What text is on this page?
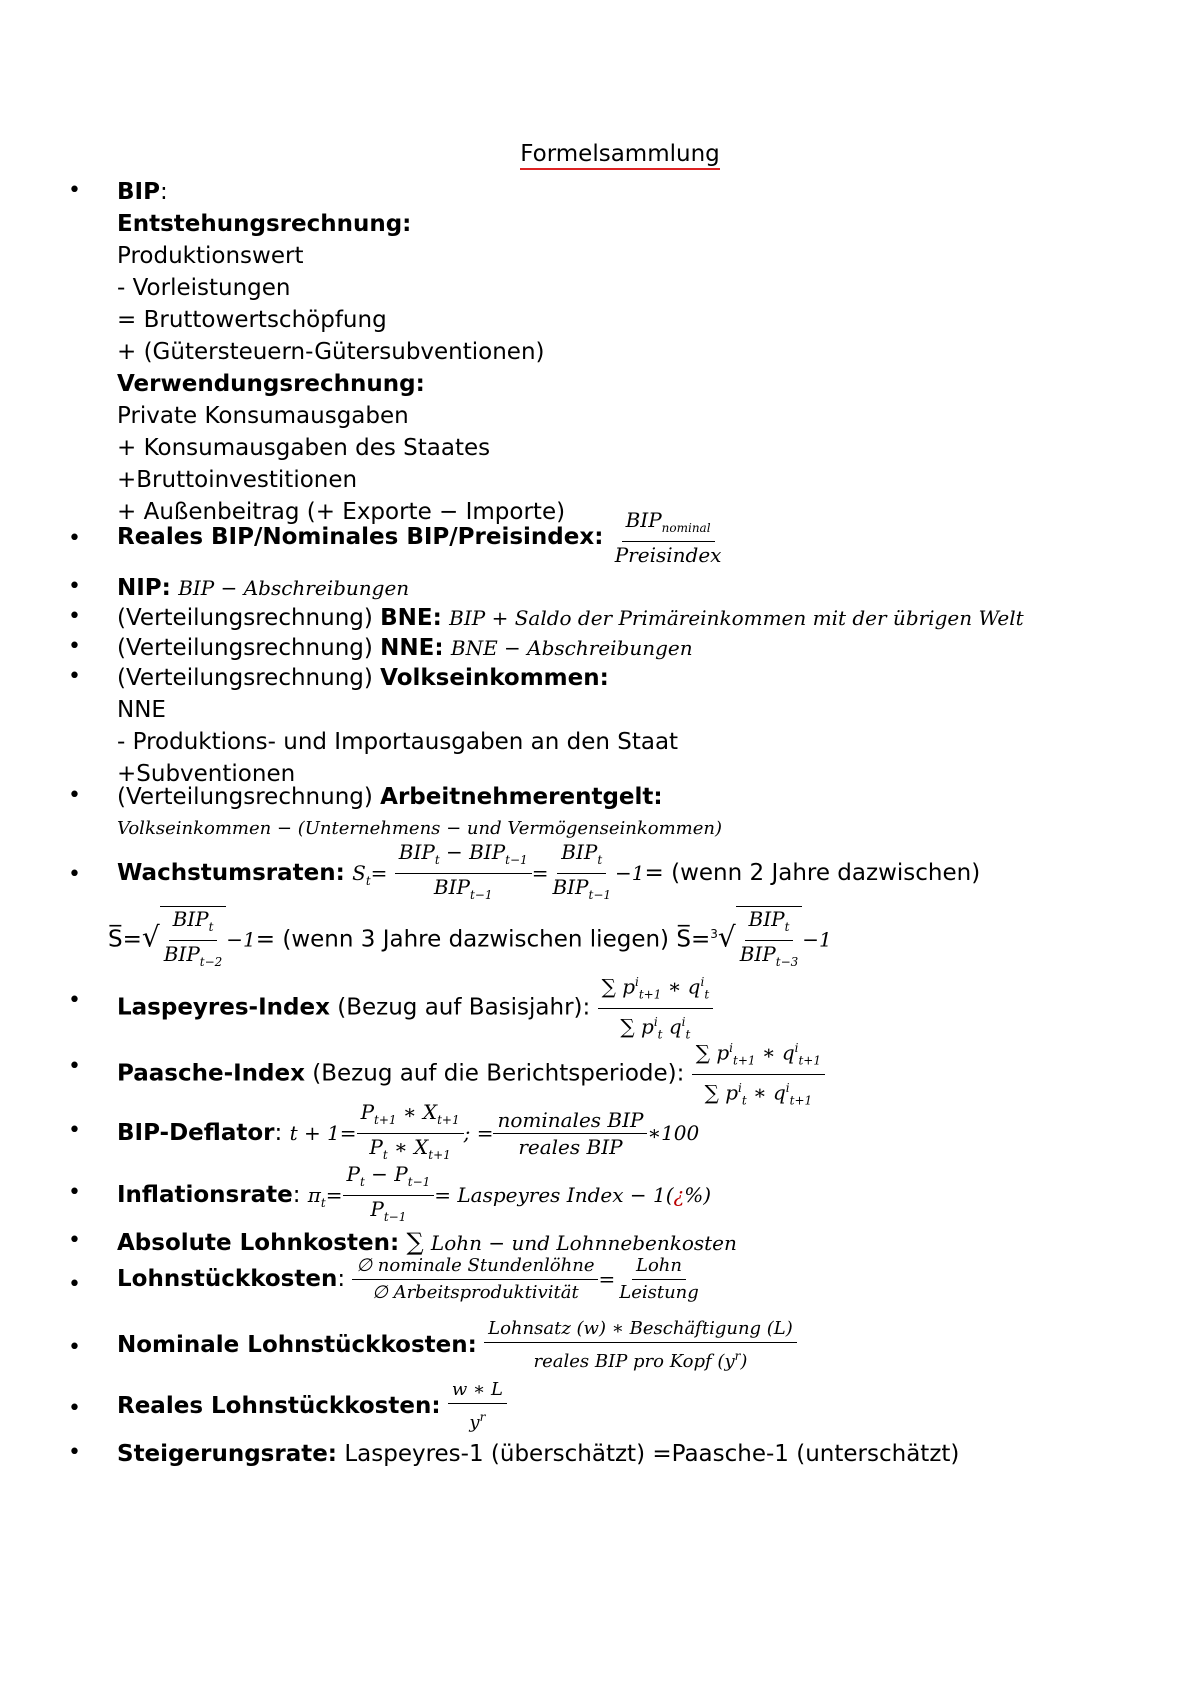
Formelsammlung
• BIP:
Entstehungsrechnung:
Produktionswert
- Vorleistungen
= Bruttowertschöpfung
+ (Gütersteuern-Gütersubventionen)
Verwendungsrechnung:
Private Konsumausgaben
+ Konsumausgaben des Staates
+Bruttoinvestitionen
+ Außenbeitrag (+ Exporte − Importe)
• Reales BIP/Nominales BIP/Preisindex: $\frac{BIP_{nominal}}{\text{Preisindex}}$
• NIP: BIP − Abschreibungen
• (Verteilungsrechnung) BNE: BIP + Saldo der Primäreinkommen mit der übrigen Welt
• (Verteilungsrechnung) NNE: BNE − Abschreibungen
• (Verteilungsrechnung) Volkseinkommen:
NNE
- Produktions- und Importausgaben an den Staat
+Subventionen
• (Verteilungsrechnung) Arbeitnehmerentgelt:
Volkseinkommen − (Unternehmens − und Vermögenseinkommen)
• Wachstumsraten: $S_t= \frac{BIP_t - BIP_{t-1}}{BIP_{t-1}} = \frac{BIP_t}{BIP_{t-1}} -1=$ (wenn 2 Jahre dazwischen)
S̅=√ $\frac{BIP_t}{BIP_{t-2}} -1=$ (wenn 3 Jahre dazwischen liegen) S̅=$^3$√ $\frac{BIP_t}{BIP_{t-3}} -1$
• Laspeyres-Index (Bezug auf Basisjahr): $\frac{\sum p^i_{t+1} ∗ q^i_t}{\sum p^i_t q^i_t}$
• Paasche-Index (Bezug auf die Berichtsperiode): $\frac{\sum p^i_{t+1} ∗ q^i_{t+1}}{\sum p^i_t ∗ q^i_{t+1}}$
• BIP-Deflator: $t + 1= \frac{P_{t+1} ∗ X_{t+1}}{P_t ∗ X_{t+1}}$ ; = $\frac{\text{nominales BIP}}{\text{reales BIP}}$ ∗100
• Inflationsrate: $\pi_t= \frac{P_t - P_{t-1}}{P_{t-1}}$ = Laspeyres Index − 1(¿%)
• Absolute Lohnkosten: ∑ Lohn − und Lohnnebenkosten
• Lohnstückkosten: $\frac{\text{∅ nominale Stundenlöhne}}{\text{∅ Arbeitsproduktivität}} = \frac{\text{Lohn}}{\text{Leistung}}$
• Nominale Lohnstückkosten: $\frac{\text{Lohnsatz (w) ∗ Beschäftigung (L)}}{reales BIP pro Kopf (y^r)}$
• Reales Lohnstückkosten: $\frac{w ∗ L}{y^r}$
• Steigerungsrate: Laspeyres-1 (überschätzt) =Paasche-1 (unterschätzt)
